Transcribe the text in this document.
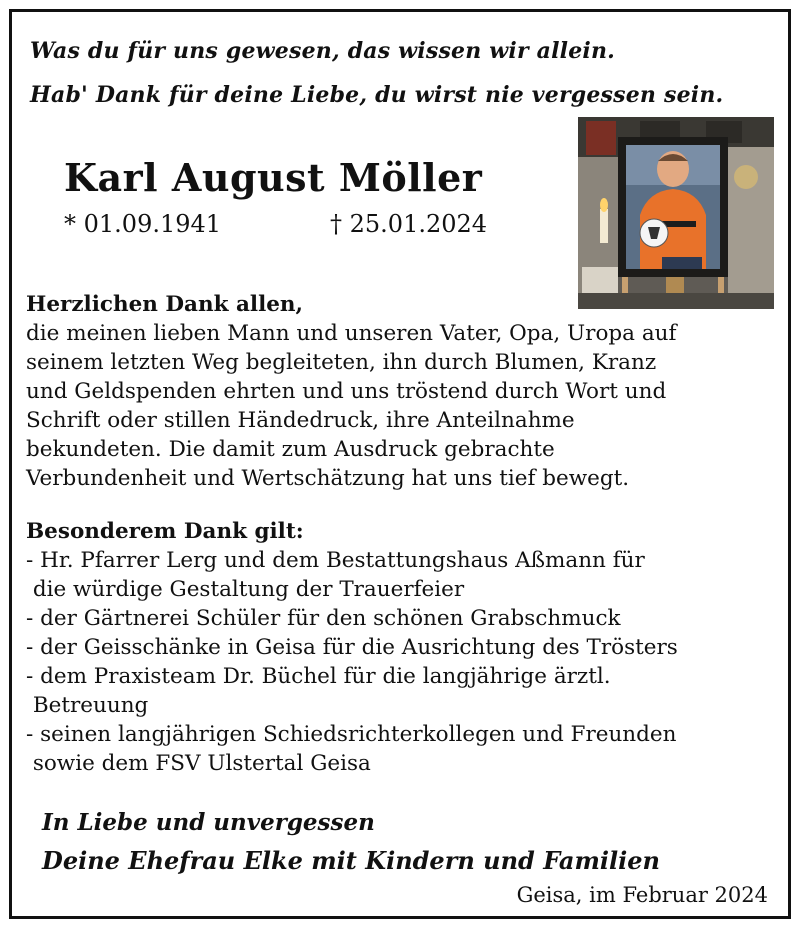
Was du für uns gewesen, das wissen wir allein.
Hab' Dank für deine Liebe, du wirst nie vergessen sein.
Karl August Möller
* 01.09.1941	† 25.01.2024
Herzlichen Dank allen,
die meinen lieben Mann und unseren Vater, Opa, Uropa auf
seinem letzten Weg begleiteten, ihn durch Blumen, Kranz
und Geldspenden ehrten und uns tröstend durch Wort und
Schrift oder stillen Händedruck, ihre Anteilnahme
bekundeten. Die damit zum Ausdruck gebrachte
Verbundenheit und Wertschätzung hat uns tief bewegt.
Besonderem Dank gilt:
- Hr. Pfarrer Lerg und dem Bestattungshaus Aßmann für
die würdige Gestaltung der Trauerfeier
- der Gärtnerei Schüler für den schönen Grabschmuck
- der Geisschänke in Geisa für die Ausrichtung des Trösters
- dem Praxisteam Dr. Büchel für die langjährige ärztl.
Betreuung
- seinen langjährigen Schiedsrichterkollegen und Freunden
sowie dem FSV Ulstertal Geisa
In Liebe und unvergessen
Deine Ehefrau Elke mit Kindern und Familien
Geisa, im Februar 2024
